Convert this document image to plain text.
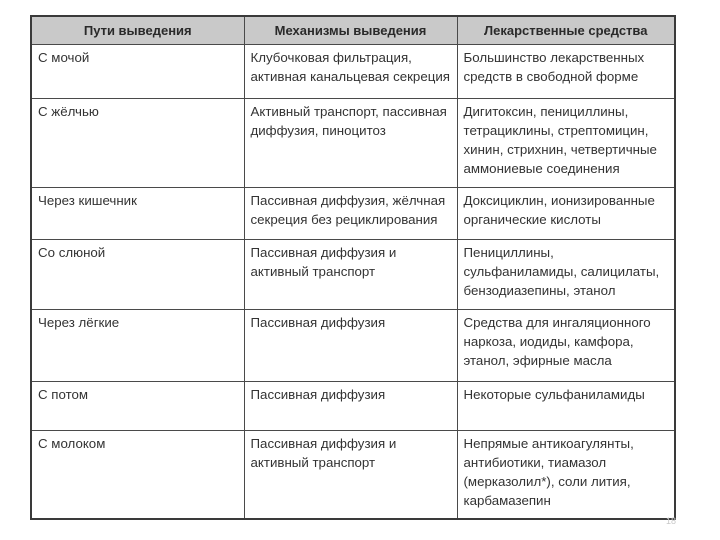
Пути выведения	Механизмы выведения	Лекарственные средства
С мочой	Клубочковая фильтрация, активная канальцевая секреция	Большинство лекарственных средств в свободной форме
С жёлчью	Активный транспорт, пассивная диффузия, пиноцитоз	Дигитоксин, пенициллины, тетрациклины, стрептомицин, хинин, стрихнин, четвертичные аммониевые соединения
Через кишечник	Пассивная диффузия, жёлчная секреция без рециклирования	Доксициклин, ионизированные органические кислоты
Со слюной	Пассивная диффузия и активный транспорт	Пенициллины, сульфаниламиды, салицилаты, бензодиазепины, этанол
Через лёгкие	Пассивная диффузия	Средства для ингаляционного наркоза, иодиды, камфора, этанол, эфирные масла
С потом	Пассивная диффузия	Некоторые сульфаниламиды
С молоком	Пассивная диффузия и активный транспорт	Непрямые антикоагулянты, антибиотики, тиамазол (мерказолил*), соли лития, карбамазепин
18
